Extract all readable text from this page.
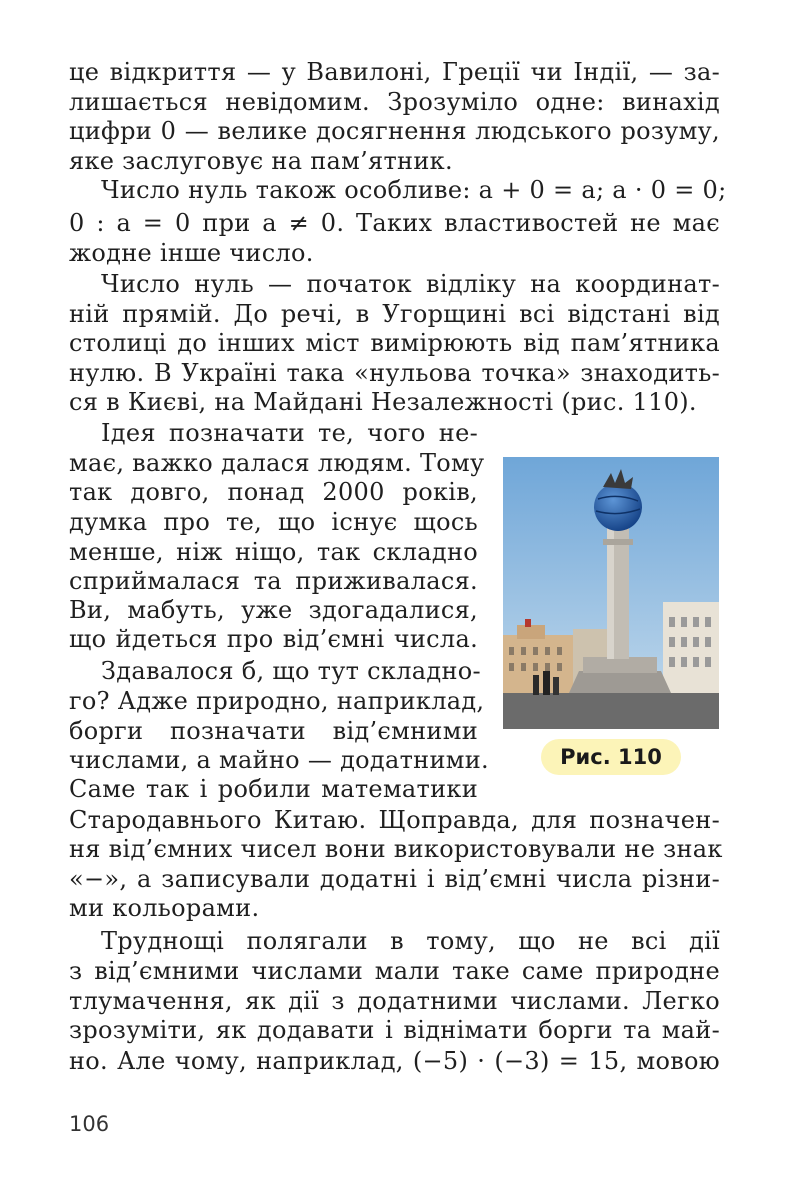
це відкриття — у Вавилоні, Греції чи Індії, — за-
лишається невідомим. Зрозуміло одне: винахід
цифри 0 — велике досягнення людського розуму,
яке заслуговує на пам’ятник.
Число нуль також особливе: a + 0 = a; a · 0 = 0;
0 : a = 0 при a ≠ 0. Таких властивостей не має
жодне інше число.
Число нуль — початок відліку на координат-
ній прямій. До речі, в Угорщині всі відстані від
столиці до інших міст вимірюють від пам’ятника
нулю. В Україні така «нульова точка» знаходить-
ся в Києві, на Майдані Незалежності (рис. 110).
Ідея позначати те, чого не-
має, важко далася людям. Тому
так довго, понад 2000 років,
думка про те, що існує щось
менше, ніж ніщо, так складно
сприймалася та приживалася.
Ви, мабуть, уже здогадалися,
що йдеться про від’ємні числа.
Здавалося б, що тут складно-
го? Адже природно, наприклад,
борги позначати від’ємними
числами, а майно — додатними.
Саме так і робили математики
Стародавнього Китаю. Щоправда, для позначен-
ня від’ємних чисел вони використовували не знак
«−», а записували додатні і від’ємні числа різни-
ми кольорами.
Труднощі полягали в тому, що не всі дії
з від’ємними числами мали таке саме природне
тлумачення, як дії з додатними числами. Легко
зрозуміти, як додавати і віднімати борги та май-
но. Але чому, наприклад, (−5) · (−3) = 15, мовою
Рис. 110
106
